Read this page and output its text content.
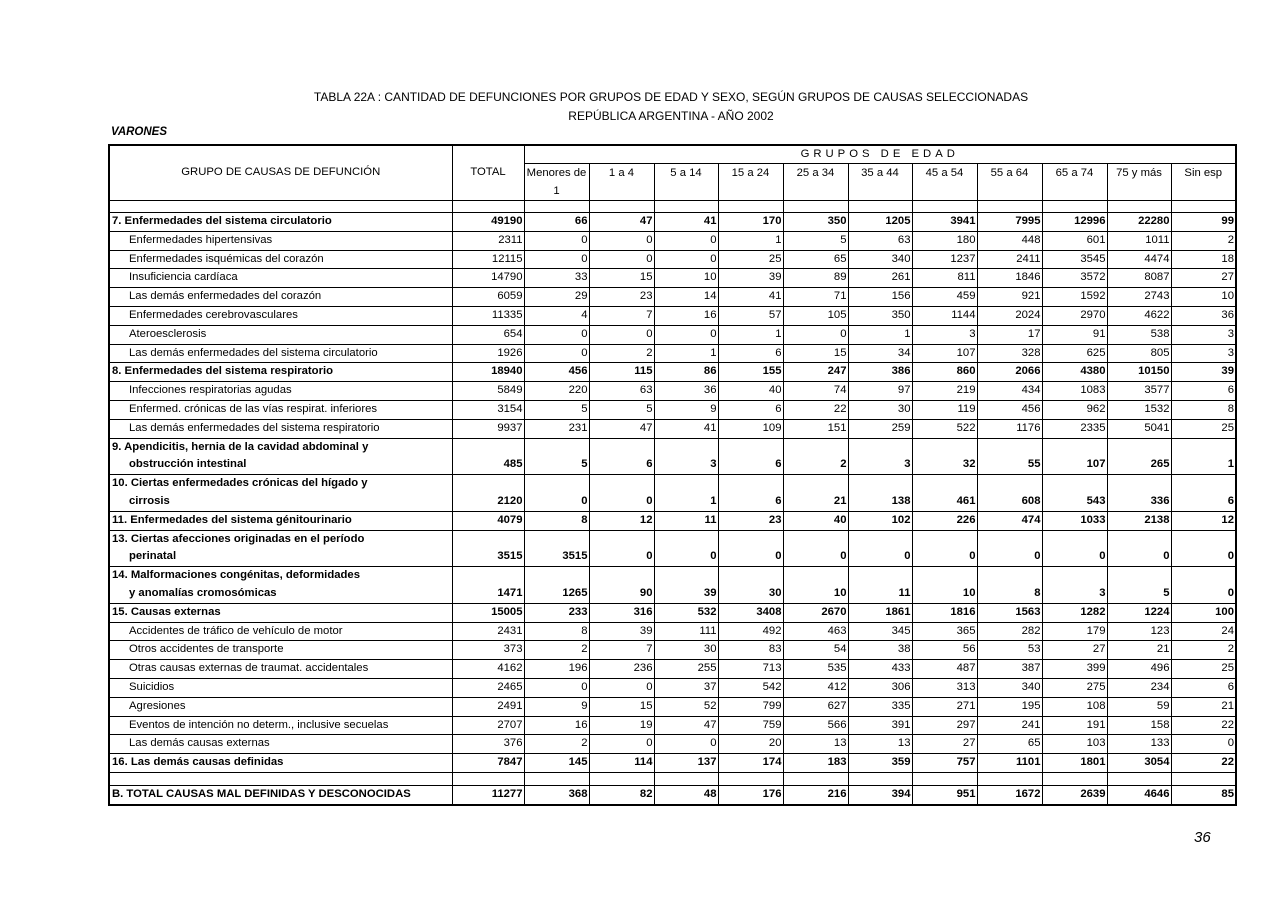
TABLA 22A : CANTIDAD DE DEFUNCIONES POR GRUPOS DE EDAD Y SEXO, SEGÚN GRUPOS DE CAUSAS SELECCIONADAS
REPÚBLICA ARGENTINA - AÑO 2002
VARONES
GRUPO DE CAUSAS DE DEFUNCIÓN	TOTAL	GRUPOS DE EDAD										
		Menores de 1	1 a 4	5 a 14	15 a 24	25 a 34	35 a 44	45 a 54	55 a 64	65 a 74	75 y más	Sin esp

7. Enfermedades del sistema circulatorio	49190	66	47	41	170	350	1205	3941	7995	12996	22280	99
Enfermedades hipertensivas	2311	0	0	0	1	5	63	180	448	601	1011	2
Enfermedades isquémicas del corazón	12115	0	0	0	25	65	340	1237	2411	3545	4474	18
Insuficiencia cardíaca	14790	33	15	10	39	89	261	811	1846	3572	8087	27
Las demás enfermedades del corazón	6059	29	23	14	41	71	156	459	921	1592	2743	10
Enfermedades cerebrovasculares	11335	4	7	16	57	105	350	1144	2024	2970	4622	36
Ateroesclerosis	654	0	0	0	1	0	1	3	17	91	538	3
Las demás enfermedades del sistema circulatorio	1926	0	2	1	6	15	34	107	328	625	805	3
8. Enfermedades del sistema respiratorio	18940	456	115	86	155	247	386	860	2066	4380	10150	39
Infecciones respiratorias agudas	5849	220	63	36	40	74	97	219	434	1083	3577	6
Enfermed. crónicas de las vías respirat. inferiores	3154	5	5	9	6	22	30	119	456	962	1532	8
Las demás enfermedades del sistema respiratorio	9937	231	47	41	109	151	259	522	1176	2335	5041	25

9. Apendicitis, hernia de la cavidad abdominal y
obstrucción intestinal	485	5	6	3	6	2	3	32	55	107	265	1

10. Ciertas enfermedades crónicas del hígado y
cirrosis	2120	0	0	1	6	21	138	461	608	543	336	6
11. Enfermedades del sistema génitourinario	4079	8	12	11	23	40	102	226	474	1033	2138	12

13. Ciertas afecciones originadas en el período
perinatal	3515	3515	0	0	0	0	0	0	0	0	0	0

14. Malformaciones congénitas, deformidades
y anomalías cromosómicas	1471	1265	90	39	30	10	11	10	8	3	5	0
15. Causas externas	15005	233	316	532	3408	2670	1861	1816	1563	1282	1224	100
Accidentes de tráfico de vehículo de motor	2431	8	39	111	492	463	345	365	282	179	123	24
Otros accidentes de transporte	373	2	7	30	83	54	38	56	53	27	21	2
Otras causas externas de traumat. accidentales	4162	196	236	255	713	535	433	487	387	399	496	25
Suicidios	2465	0	0	37	542	412	306	313	340	275	234	6
Agresiones	2491	9	15	52	799	627	335	271	195	108	59	21
Eventos de intención no determ., inclusive secuelas	2707	16	19	47	759	566	391	297	241	191	158	22
Las demás causas externas	376	2	0	0	20	13	13	27	65	103	133	0
16. Las demás causas definidas	7847	145	114	137	174	183	359	757	1101	1801	3054	22

B. TOTAL CAUSAS MAL DEFINIDAS Y DESCONOCIDAS	11277	368	82	48	176	216	394	951	1672	2639	4646	85
36
